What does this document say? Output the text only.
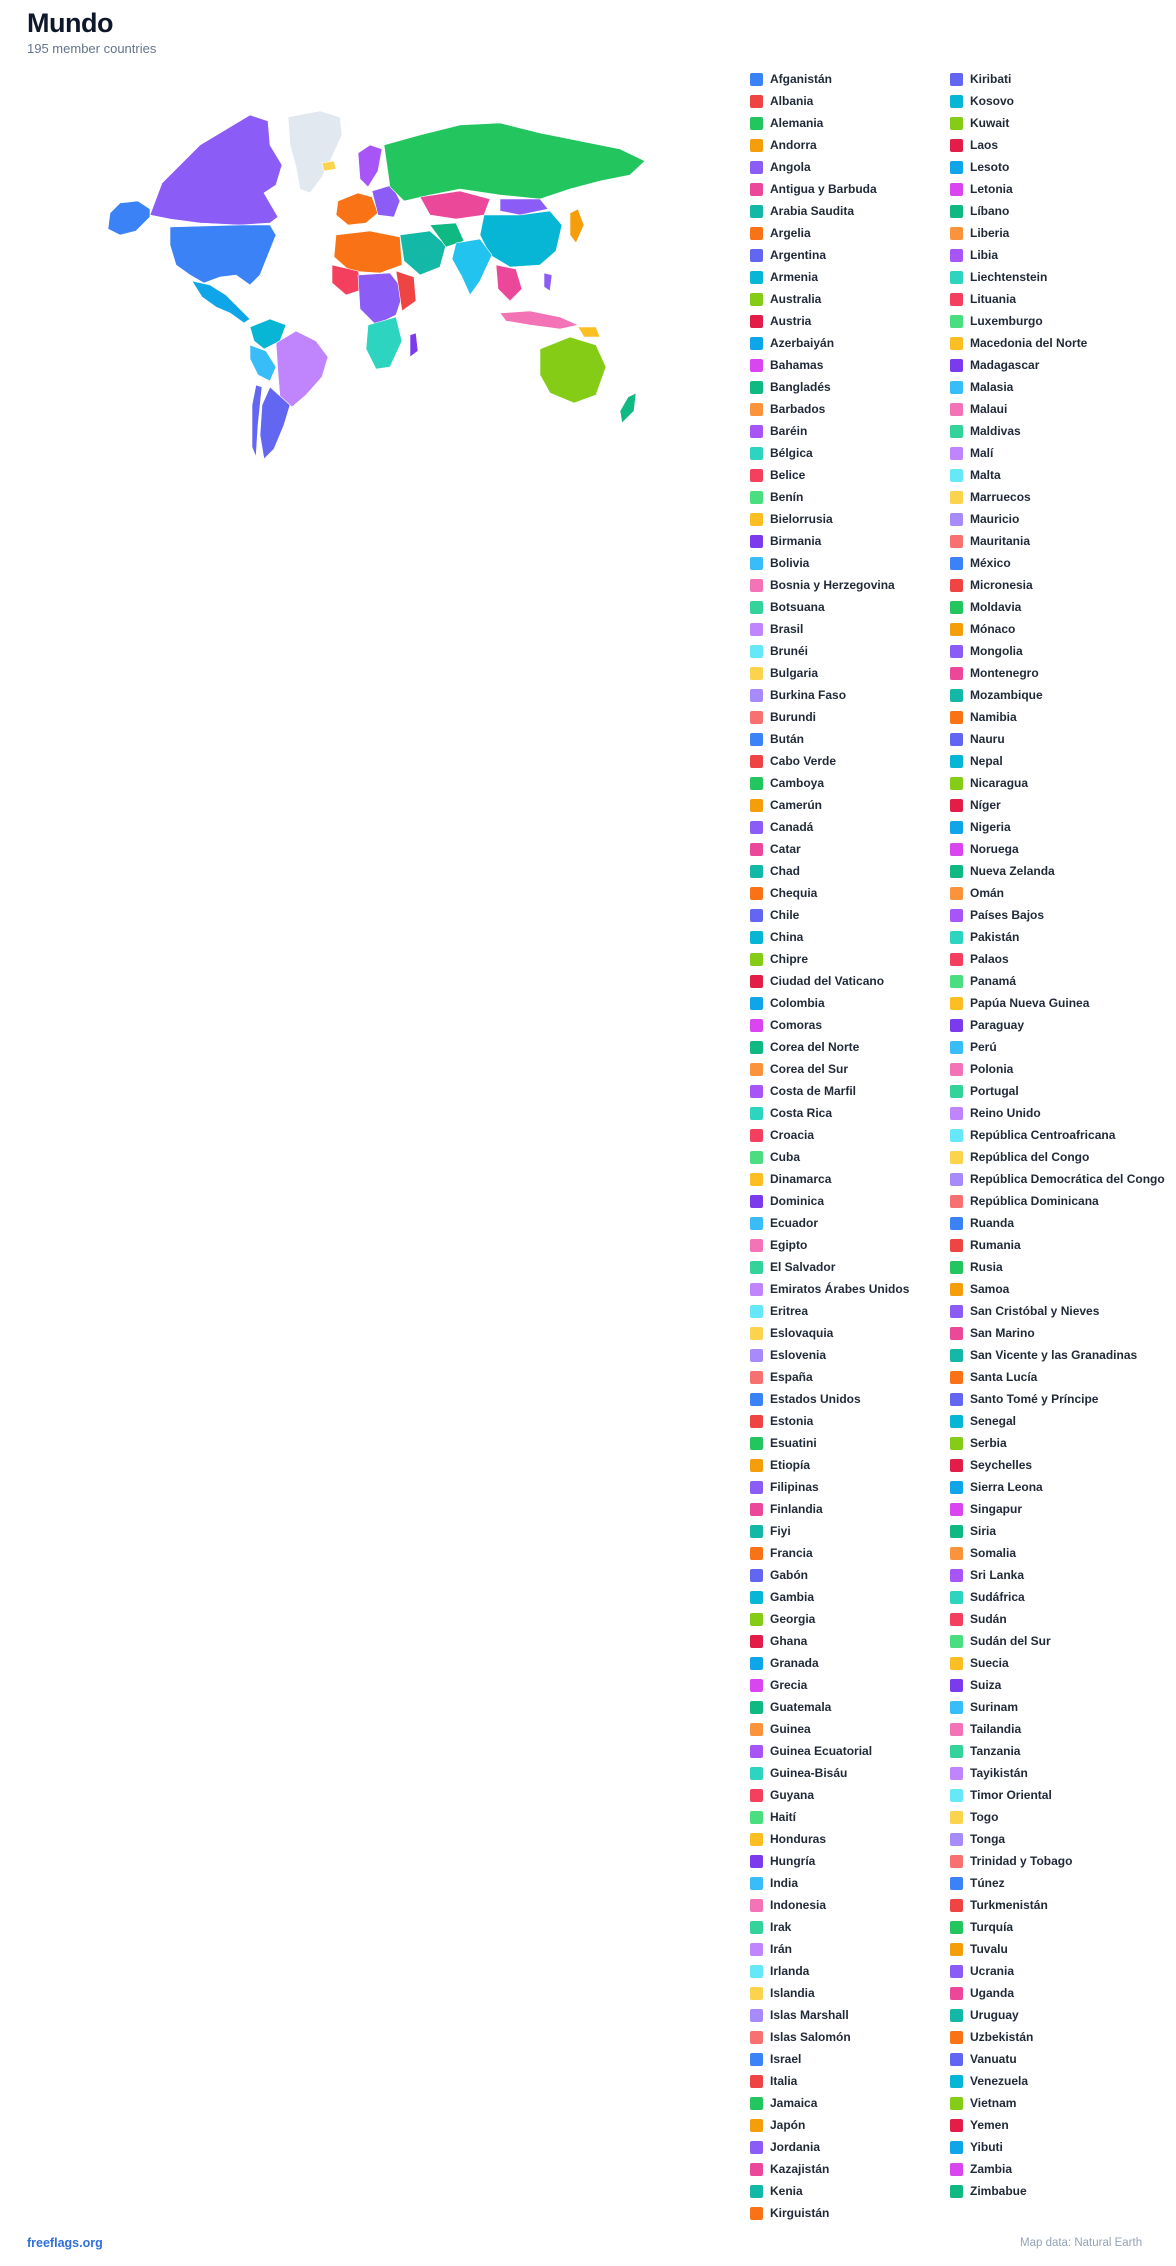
Mundo
195 member countries
Afganistán
Albania
Alemania
Andorra
Angola
Antigua y Barbuda
Arabia Saudita
Argelia
Argentina
Armenia
Australia
Austria
Azerbaiyán
Bahamas
Bangladés
Barbados
Baréin
Bélgica
Belice
Benín
Bielorrusia
Birmania
Bolivia
Bosnia y Herzegovina
Botsuana
Brasil
Brunéi
Bulgaria
Burkina Faso
Burundi
Bután
Cabo Verde
Camboya
Camerún
Canadá
Catar
Chad
Chequia
Chile
China
Chipre
Ciudad del Vaticano
Colombia
Comoras
Corea del Norte
Corea del Sur
Costa de Marfil
Costa Rica
Croacia
Cuba
Dinamarca
Dominica
Ecuador
Egipto
El Salvador
Emiratos Árabes Unidos
Eritrea
Eslovaquia
Eslovenia
España
Estados Unidos
Estonia
Esuatini
Etiopía
Filipinas
Finlandia
Fiyi
Francia
Gabón
Gambia
Georgia
Ghana
Granada
Grecia
Guatemala
Guinea
Guinea Ecuatorial
Guinea-Bisáu
Guyana
Haití
Honduras
Hungría
India
Indonesia
Irak
Irán
Irlanda
Islandia
Islas Marshall
Islas Salomón
Israel
Italia
Jamaica
Japón
Jordania
Kazajistán
Kenia
Kirguistán
Kiribati
Kosovo
Kuwait
Laos
Lesoto
Letonia
Líbano
Liberia
Libia
Liechtenstein
Lituania
Luxemburgo
Macedonia del Norte
Madagascar
Malasia
Malaui
Maldivas
Malí
Malta
Marruecos
Mauricio
Mauritania
México
Micronesia
Moldavia
Mónaco
Mongolia
Montenegro
Mozambique
Namibia
Nauru
Nepal
Nicaragua
Níger
Nigeria
Noruega
Nueva Zelanda
Omán
Países Bajos
Pakistán
Palaos
Panamá
Papúa Nueva Guinea
Paraguay
Perú
Polonia
Portugal
Reino Unido
República Centroafricana
República del Congo
República Democrática del Congo
República Dominicana
Ruanda
Rumania
Rusia
Samoa
San Cristóbal y Nieves
San Marino
San Vicente y las Granadinas
Santa Lucía
Santo Tomé y Príncipe
Senegal
Serbia
Seychelles
Sierra Leona
Singapur
Siria
Somalia
Sri Lanka
Sudáfrica
Sudán
Sudán del Sur
Suecia
Suiza
Surinam
Tailandia
Tanzania
Tayikistán
Timor Oriental
Togo
Tonga
Trinidad y Tobago
Túnez
Turkmenistán
Turquía
Tuvalu
Ucrania
Uganda
Uruguay
Uzbekistán
Vanuatu
Venezuela
Vietnam
Yemen
Yibuti
Zambia
Zimbabue
freeflags.org	Map data: Natural Earth
